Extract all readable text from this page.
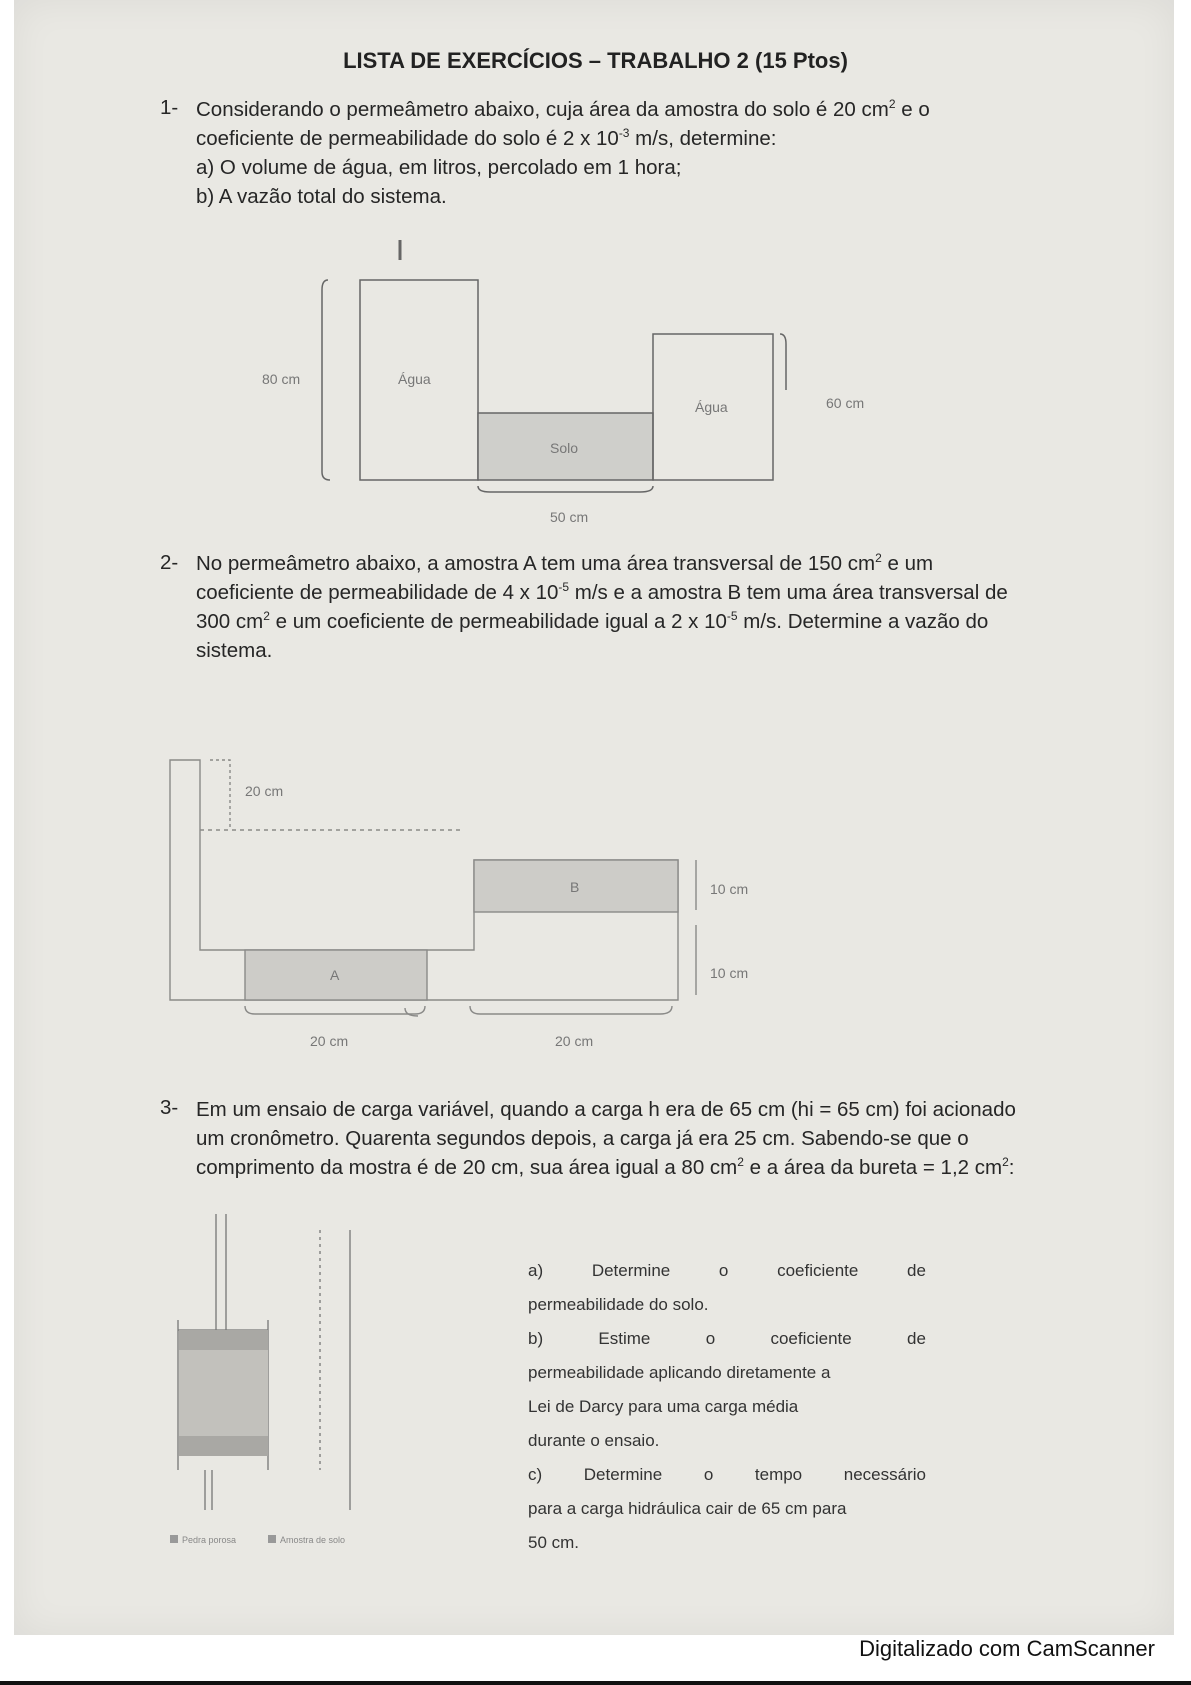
LISTA DE EXERCÍCIOS – TRABALHO 2 (15 Ptos)
1- Considerando o permeâmetro abaixo, cuja área da amostra do solo é 20 $cm^2$ e o
coeficiente de permeabilidade do solo é 2 x $10^{-3}$ m/s, determine:
a) O volume de água, em litros, percolado em 1 hora;
b) A vazão total do sistema.
80 cm	Água
Solo
Água	60 cm
50 cm
2- No permeâmetro abaixo, a amostra A tem uma área transversal de 150 $cm^2$ e um
coeficiente de permeabilidade de 4 x $10^{-5}$ m/s e a amostra B tem uma área transversal de
300 $cm^2$ e um coeficiente de permeabilidade igual a 2 x $10^{-5}$ m/s. Determine a vazão do
sistema.
20 cm
B	10 cm
A	10 cm
20 cm	20 cm
3- Em um ensaio de carga variável, quando a carga h era de 65 cm (hi = 65 cm) foi acionado
um cronômetro. Quarenta segundos depois, a carga já era 25 cm. Sabendo-se que o
comprimento da mostra é de 20 cm, sua área igual a 80 $cm^2$ e a área da bureta = 1,2 $cm^2$:
Pedra porosa	Amostra de solo
a)	Determine	o	coeficiente	de
permeabilidade do solo.
b)	Estime	o	coeficiente	de
permeabilidade aplicando diretamente a
Lei de Darcy para uma carga média
durante o ensaio.
c) Determine o tempo necessário
para a carga hidráulica cair de 65 cm para
50 cm.
Digitalizado com CamScanner
